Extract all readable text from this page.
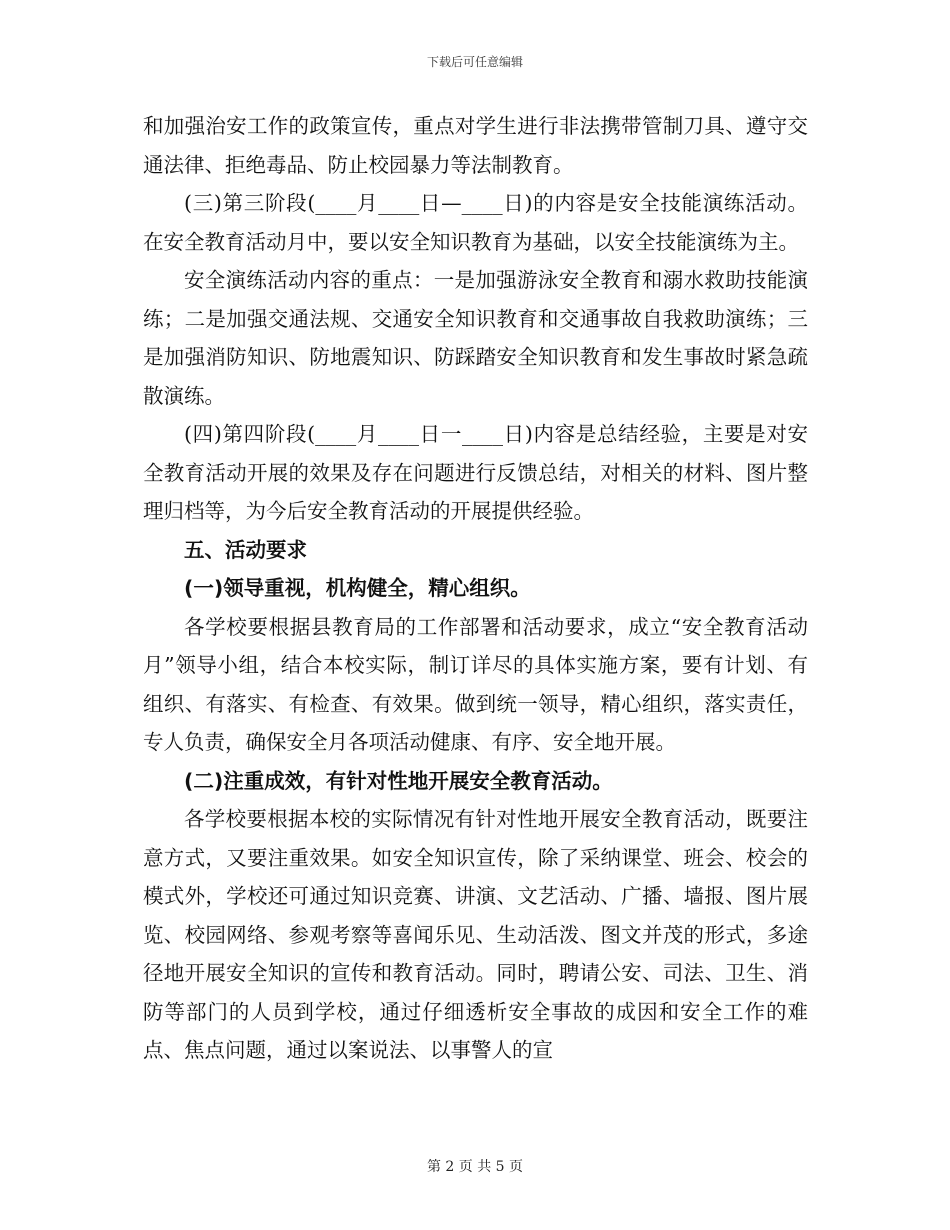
下载后可任意编辑

和加强治安工作的政策宣传，重点对学生进行非法携带管制刀具、遵守交通法律、拒绝毒品、防止校园暴力等法制教育。

(三)第三阶段(____月____日—____日)的内容是安全技能演练活动。在安全教育活动月中，要以安全知识教育为基础，以安全技能演练为主。

安全演练活动内容的重点：一是加强游泳安全教育和溺水救助技能演练；二是加强交通法规、交通安全知识教育和交通事故自我救助演练；三是加强消防知识、防地震知识、防踩踏安全知识教育和发生事故时紧急疏散演练。

(四)第四阶段(____月____日一____日)内容是总结经验，主要是对安全教育活动开展的效果及存在问题进行反馈总结，对相关的材料、图片整理归档等，为今后安全教育活动的开展提供经验。

五、活动要求

(一)领导重视，机构健全，精心组织。

各学校要根据县教育局的工作部署和活动要求，成立“安全教育活动月”领导小组，结合本校实际，制订详尽的具体实施方案，要有计划、有组织、有落实、有检查、有效果。做到统一领导，精心组织，落实责任，专人负责，确保安全月各项活动健康、有序、安全地开展。

(二)注重成效，有针对性地开展安全教育活动。

各学校要根据本校的实际情况有针对性地开展安全教育活动，既要注意方式，又要注重效果。如安全知识宣传，除了采纳课堂、班会、校会的模式外，学校还可通过知识竞赛、讲演、文艺活动、广播、墙报、图片展览、校园网络、参观考察等喜闻乐见、生动活泼、图文并茂的形式，多途径地开展安全知识的宣传和教育活动。同时，聘请公安、司法、卫生、消防等部门的人员到学校，通过仔细透析安全事故的成因和安全工作的难点、焦点问题，通过以案说法、以事警人的宣

第 2 页 共 5 页
